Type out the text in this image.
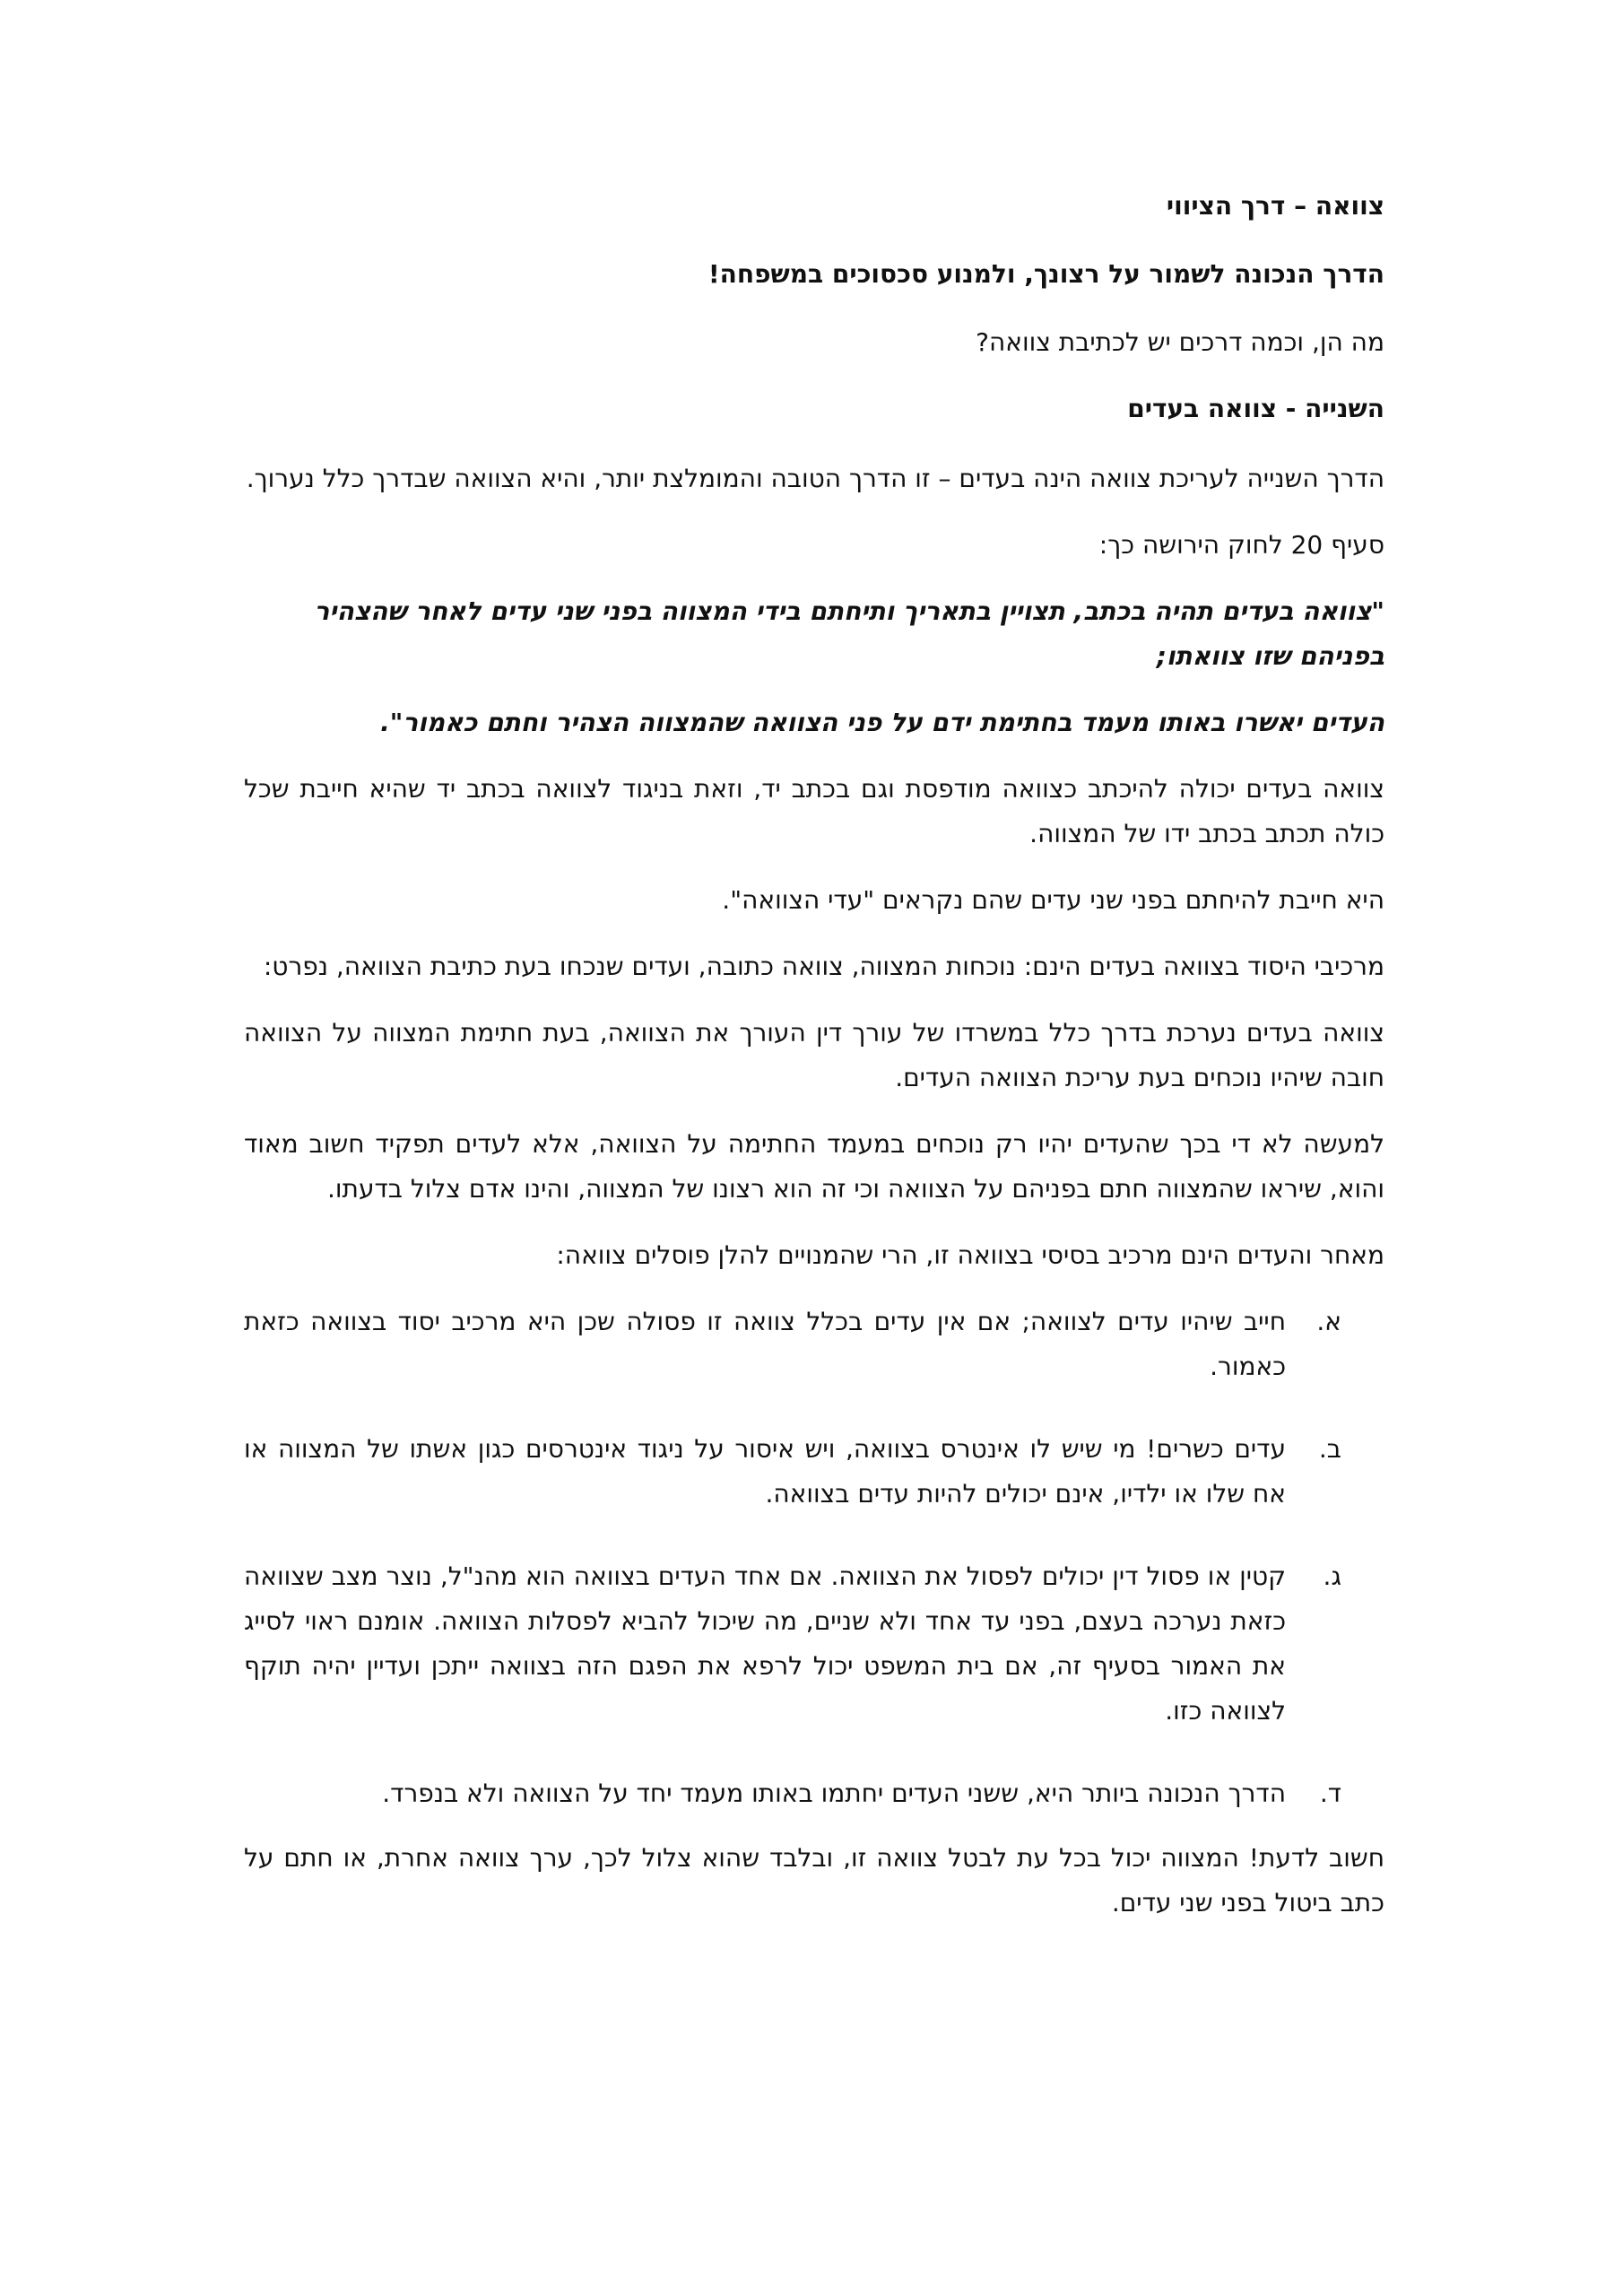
צוואה – דרך הציווי

הדרך הנכונה לשמור על רצונך, ולמנוע סכסוכים במשפחה!

מה הן, וכמה דרכים יש לכתיבת צוואה?

השנייה - צוואה בעדים

הדרך השנייה לעריכת צוואה הינה בעדים – זו הדרך הטובה והמומלצת יותר, והיא הצוואה שבדרך כלל נערוך.

סעיף 20 לחוק הירושה כך:

"צוואה בעדים תהיה בכתב, תצויין בתאריך ותיחתם בידי המצווה בפני שני עדים לאחר שהצהיר בפניהם שזו צוואתו;

העדים יאשרו באותו מעמד בחתימת ידם על פני הצוואה שהמצווה הצהיר וחתם כאמור".

צוואה בעדים יכולה להיכתב כצוואה מודפסת וגם בכתב יד, וזאת בניגוד לצוואה בכתב יד שהיא חייבת שכל כולה תכתב בכתב ידו של המצווה.

היא חייבת להיחתם בפני שני עדים שהם נקראים "עדי הצוואה".

מרכיבי היסוד בצוואה בעדים הינם: נוכחות המצווה, צוואה כתובה, ועדים שנכחו בעת כתיבת הצוואה, נפרט:

צוואה בעדים נערכת בדרך כלל במשרדו של עורך דין העורך את הצוואה, בעת חתימת המצווה על הצוואה חובה שיהיו נוכחים בעת עריכת הצוואה העדים.

למעשה לא די בכך שהעדים יהיו רק נוכחים במעמד החתימה על הצוואה, אלא לעדים תפקיד חשוב מאוד והוא, שיראו שהמצווה חתם בפניהם על הצוואה וכי זה הוא רצונו של המצווה, והינו אדם צלול בדעתו.

מאחר והעדים הינם מרכיב בסיסי בצוואה זו, הרי שהמנויים להלן פוסלים צוואה:

א.
חייב שיהיו עדים לצוואה; אם אין עדים בכלל צוואה זו פסולה שכן היא מרכיב יסוד בצוואה כזאת כאמור.
ב.
עדים כשרים! מי שיש לו אינטרס בצוואה, ויש איסור על ניגוד אינטרסים כגון אשתו של המצווה או אח שלו או ילדיו, אינם יכולים להיות עדים בצוואה.
ג.
קטין או פסול דין יכולים לפסול את הצוואה. אם אחד העדים בצוואה הוא מהנ"ל, נוצר מצב שצוואה כזאת נערכה בעצם, בפני עד אחד ולא שניים, מה שיכול להביא לפסלות הצוואה. אומנם ראוי לסייג את האמור בסעיף זה, אם בית המשפט יכול לרפא את הפגם הזה בצוואה ייתכן ועדיין יהיה תוקף לצוואה כזו.
ד.
הדרך הנכונה ביותר היא, ששני העדים יחתמו באותו מעמד יחד על הצוואה ולא בנפרד.

חשוב לדעת! המצווה יכול בכל עת לבטל צוואה זו, ובלבד שהוא צלול לכך, ערך צוואה אחרת, או חתם על כתב ביטול בפני שני עדים.
